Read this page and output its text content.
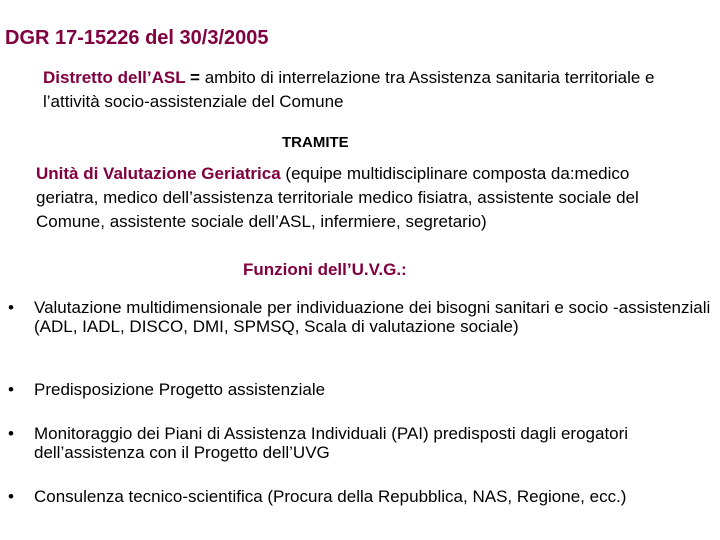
DGR 17-15226 del 30/3/2005
Distretto dell’ASL = ambito di interrelazione tra Assistenza sanitaria territoriale e l’attività socio-assistenziale del Comune
TRAMITE
Unità di Valutazione Geriatrica (equipe multidisciplinare composta da:medico geriatra, medico dell’assistenza territoriale medico fisiatra, assistente sociale del Comune, assistente sociale dell’ASL, infermiere, segretario)
Funzioni dell’U.V.G.:
• Valutazione multidimensionale per individuazione dei bisogni sanitari e socio -assistenziali (ADL, IADL, DISCO, DMI, SPMSQ, Scala di valutazione sociale)
• Predisposizione Progetto assistenziale
• Monitoraggio dei Piani di Assistenza Individuali (PAI) predisposti dagli erogatori dell’assistenza con il Progetto dell’UVG
• Consulenza tecnico-scientifica (Procura della Repubblica, NAS, Regione, ecc.)
